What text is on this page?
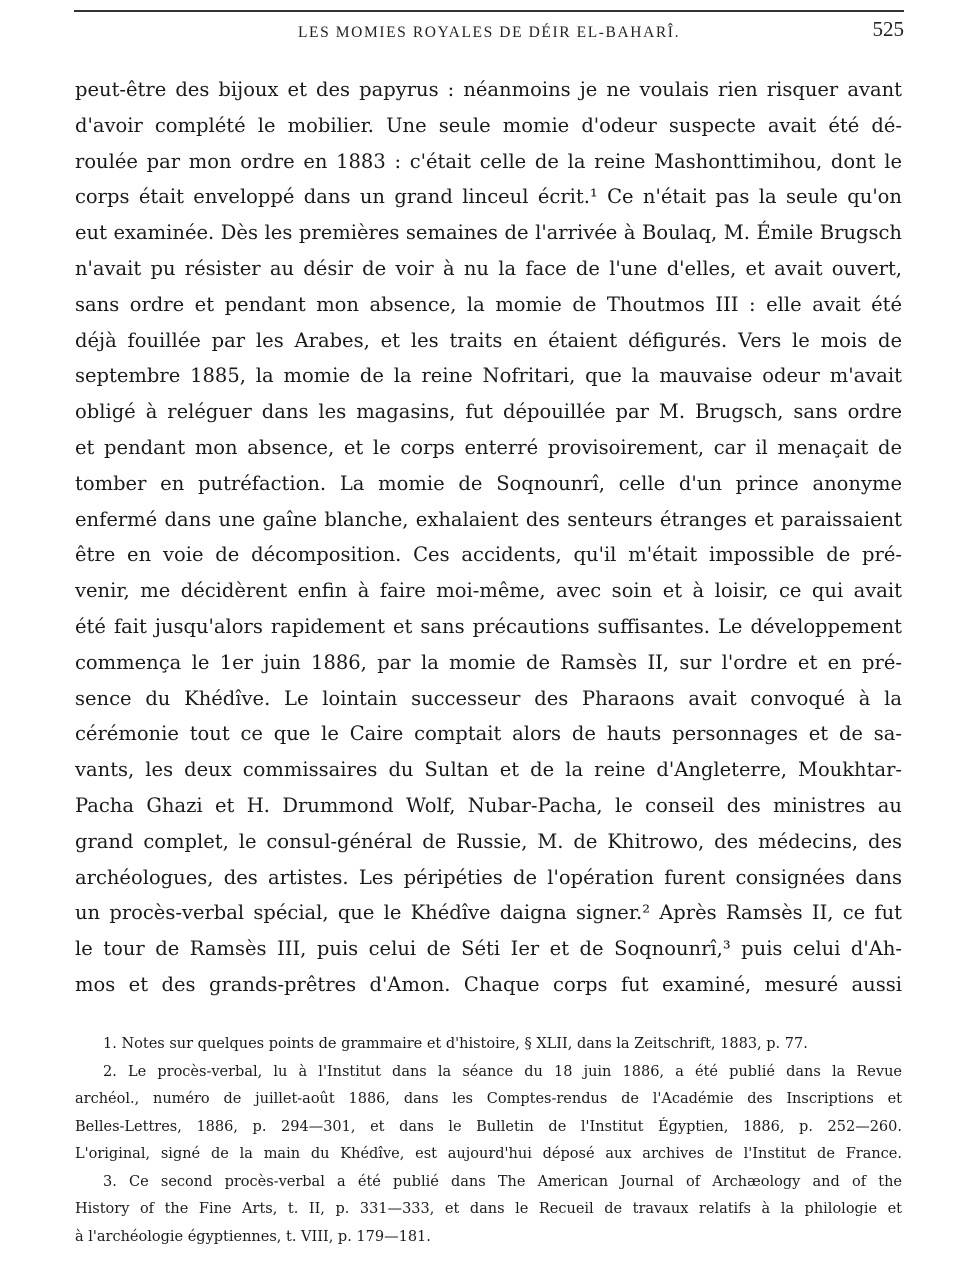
LES MOMIES ROYALES DE DÉIR EL-BAHARÎ.	525
peut-être des bijoux et des papyrus : néanmoins je ne voulais rien risquer avant
d'avoir complété le mobilier. Une seule momie d'odeur suspecte avait été dé-
roulée par mon ordre en 1883 : c'était celle de la reine Mashonttimihou, dont le
corps était enveloppé dans un grand linceul écrit.¹ Ce n'était pas la seule qu'on
eut examinée. Dès les premières semaines de l'arrivée à Boulaq, M. Émile Brugsch
n'avait pu résister au désir de voir à nu la face de l'une d'elles, et avait ouvert,
sans ordre et pendant mon absence, la momie de Thoutmos III : elle avait été
déjà fouillée par les Arabes, et les traits en étaient défigurés. Vers le mois de
septembre 1885, la momie de la reine Nofritari, que la mauvaise odeur m'avait
obligé à reléguer dans les magasins, fut dépouillée par M. Brugsch, sans ordre
et pendant mon absence, et le corps enterré provisoirement, car il menaçait de
tomber en putréfaction. La momie de Soqnounrî, celle d'un prince anonyme
enfermé dans une gaîne blanche, exhalaient des senteurs étranges et paraissaient
être en voie de décomposition. Ces accidents, qu'il m'était impossible de pré-
venir, me décidèrent enfin à faire moi-même, avec soin et à loisir, ce qui avait
été fait jusqu'alors rapidement et sans précautions suffisantes. Le développement
commença le 1er juin 1886, par la momie de Ramsès II, sur l'ordre et en pré-
sence du Khédîve. Le lointain successeur des Pharaons avait convoqué à la
cérémonie tout ce que le Caire comptait alors de hauts personnages et de sa-
vants, les deux commissaires du Sultan et de la reine d'Angleterre, Moukhtar-
Pacha Ghazi et H. Drummond Wolf, Nubar-Pacha, le conseil des ministres au
grand complet, le consul-général de Russie, M. de Khitrowo, des médecins, des
archéologues, des artistes. Les péripéties de l'opération furent consignées dans
un procès-verbal spécial, que le Khédîve daigna signer.² Après Ramsès II, ce fut
le tour de Ramsès III, puis celui de Séti Ier et de Soqnounrî,³ puis celui d'Ah-
mos et des grands-prêtres d'Amon. Chaque corps fut examiné, mesuré aussi
1. Notes sur quelques points de grammaire et d'histoire, § XLII, dans la Zeitschrift, 1883, p. 77.
2. Le procès-verbal, lu à l'Institut dans la séance du 18 juin 1886, a été publié dans la Revue
archéol., numéro de juillet-août 1886, dans les Comptes-rendus de l'Académie des Inscriptions et
Belles-Lettres, 1886, p. 294—301, et dans le Bulletin de l'Institut Égyptien, 1886, p. 252—260.
L'original, signé de la main du Khédîve, est aujourd'hui déposé aux archives de l'Institut de France.
3. Ce second procès-verbal a été publié dans The American Journal of Archæology and of the
History of the Fine Arts, t. II, p. 331—333, et dans le Recueil de travaux relatifs à la philologie et
à l'archéologie égyptiennes, t. VIII, p. 179—181.
